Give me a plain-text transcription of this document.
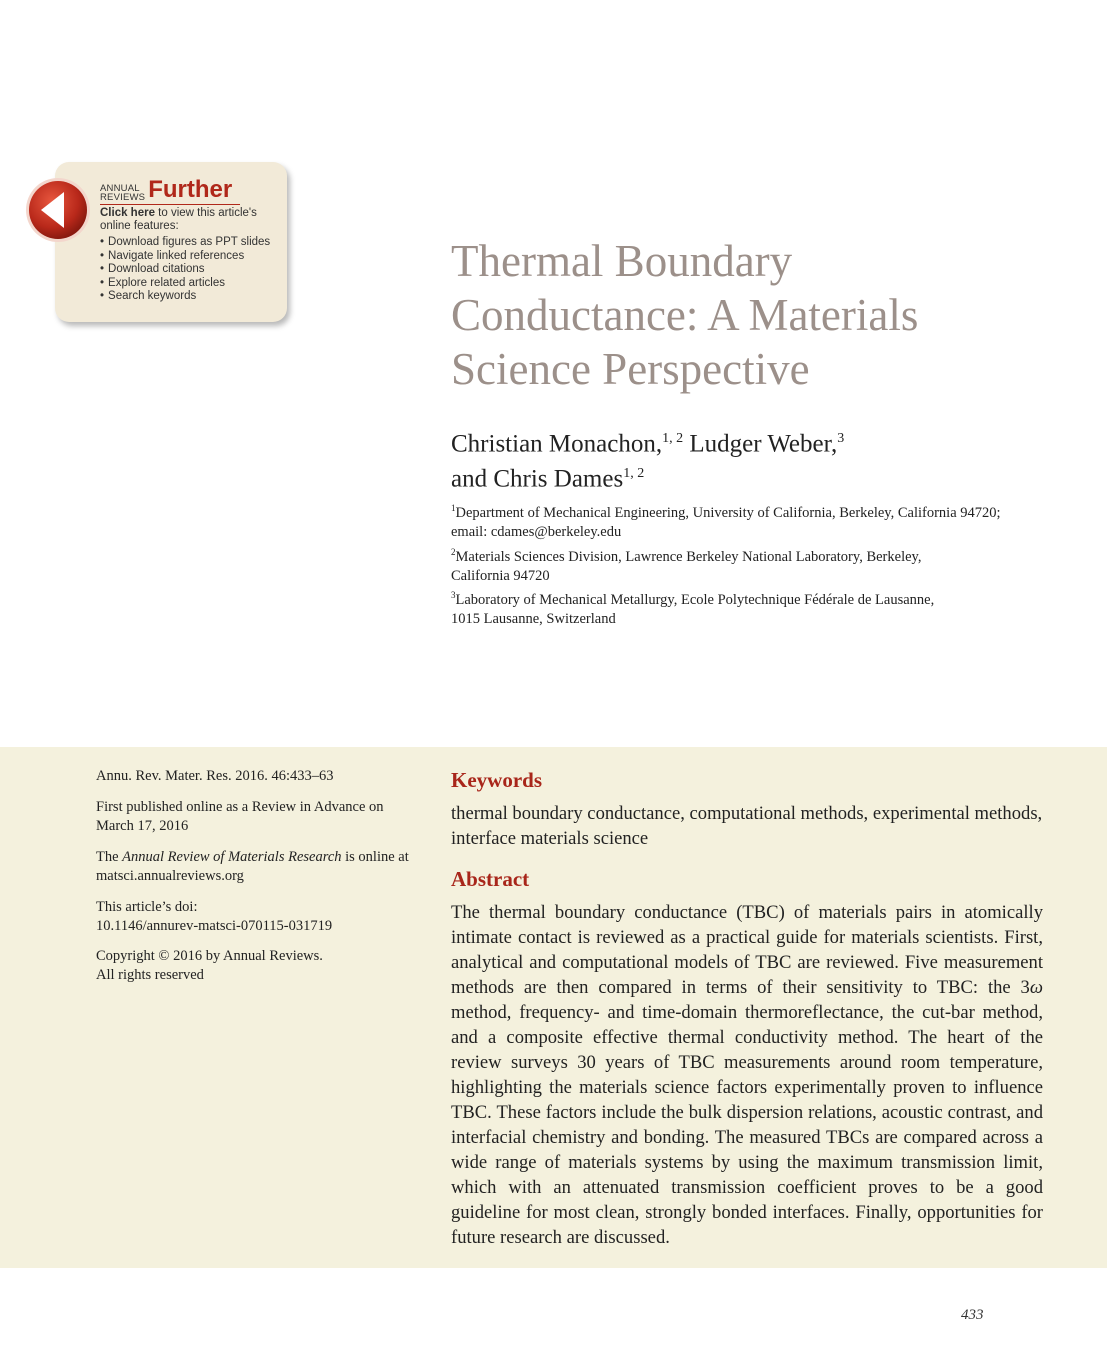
ANNUAL
REVIEWS Further
Click here to view this article's online features:
• Download figures as PPT slides
• Navigate linked references
• Download citations
• Explore related articles
• Search keywords
Thermal Boundary
Conductance: A Materials
Science Perspective
Christian Monachon,$^{1, 2}$ Ludger Weber,$^3$
and Chris Dames$^{1, 2}$
$^1$Department of Mechanical Engineering, University of California, Berkeley, California 94720;
email: cdames@berkeley.edu
$^2$Materials Sciences Division, Lawrence Berkeley National Laboratory, Berkeley,
California 94720
$^3$Laboratory of Mechanical Metallurgy, Ecole Polytechnique Fédérale de Lausanne,
1015 Lausanne, Switzerland
Annu. Rev. Mater. Res. 2016. 46:433–63
First published online as a Review in Advance on
March 17, 2016
The Annual Review of Materials Research is online at
matsci.annualreviews.org
This article’s doi:
10.1146/annurev-matsci-070115-031719
Copyright © 2016 by Annual Reviews.
All rights reserved
Keywords

thermal boundary conductance, computational methods, experimental methods, interface materials science

Abstract

The thermal boundary conductance (TBC) of materials pairs in atomically intimate contact is reviewed as a practical guide for materials scientists. First, analytical and computational models of TBC are reviewed. Five measurement methods are then compared in terms of their sensitivity to TBC: the 3ω method, frequency- and time-domain thermoreflectance, the cut-bar method, and a composite effective thermal conductivity method. The heart of the review surveys 30 years of TBC measurements around room temperature, highlighting the materials science factors experimentally proven to influence TBC. These factors include the bulk dispersion relations, acoustic contrast, and interfacial chemistry and bonding. The measured TBCs are compared across a wide range of materials systems by using the maximum transmission limit, which with an attenuated transmission coefficient proves to be a good guideline for most clean, strongly bonded interfaces. Finally, opportunities for future research are discussed.

433
